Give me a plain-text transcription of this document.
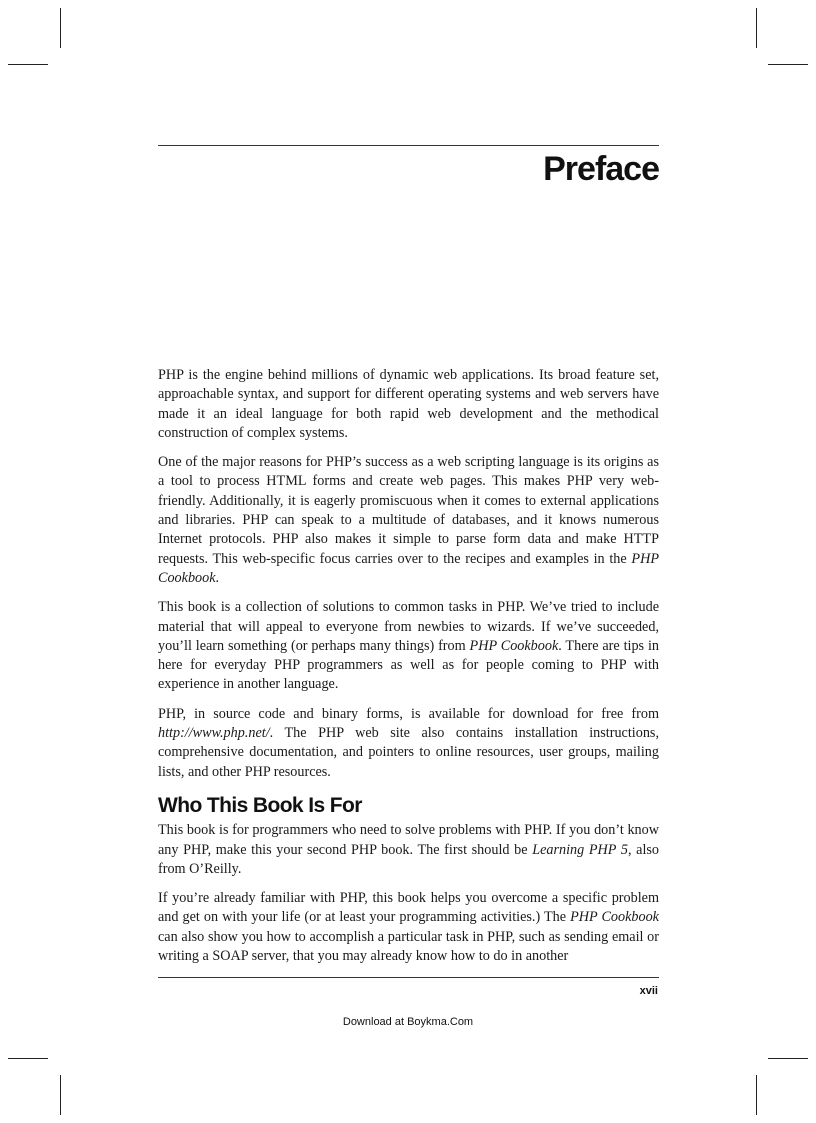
Preface

PHP is the engine behind millions of dynamic web applications. Its broad feature set, approachable syntax, and support for different operating systems and web servers have made it an ideal language for both rapid web development and the methodical construction of complex systems.

One of the major reasons for PHP’s success as a web scripting language is its origins as a tool to process HTML forms and create web pages. This makes PHP very web-friendly. Additionally, it is eagerly promiscuous when it comes to external applications and libraries. PHP can speak to a multitude of databases, and it knows numerous Internet protocols. PHP also makes it simple to parse form data and make HTTP requests. This web-specific focus carries over to the recipes and examples in the PHP Cookbook.

This book is a collection of solutions to common tasks in PHP. We’ve tried to include material that will appeal to everyone from newbies to wizards. If we’ve succeeded, you’ll learn something (or perhaps many things) from PHP Cookbook. There are tips in here for everyday PHP programmers as well as for people coming to PHP with experience in another language.

PHP, in source code and binary forms, is available for download for free from http://www.php.net/. The PHP web site also contains installation instructions, comprehensive documentation, and pointers to online resources, user groups, mailing lists, and other PHP resources.

Who This Book Is For

This book is for programmers who need to solve problems with PHP. If you don’t know any PHP, make this your second PHP book. The first should be Learning PHP 5, also from O’Reilly.

If you’re already familiar with PHP, this book helps you overcome a specific problem and get on with your life (or at least your programming activities.) The PHP Cookbook can also show you how to accomplish a particular task in PHP, such as sending email or writing a SOAP server, that you may already know how to do in another

xvii

Download at Boykma.Com
